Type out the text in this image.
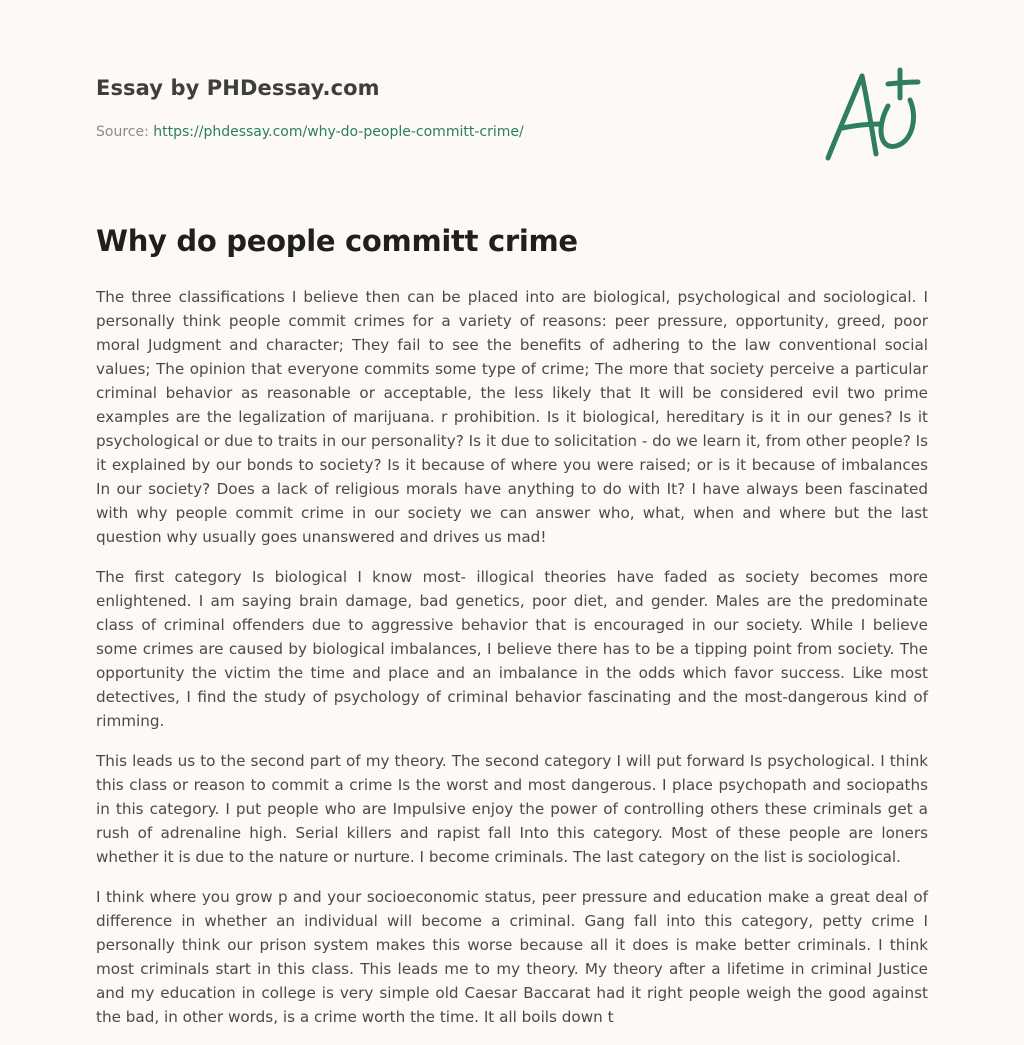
Essay by PHDessay.com

Source: https://phdessay.com/why-do-people-committ-crime/

Why do people committ crime

The three classifications I believe then can be placed into are biological, psychological and sociological. I personally think people commit crimes for a variety of reasons: peer pressure, opportunity, greed, poor moral Judgment and character; They fail to see the benefits of adhering to the law conventional social values; The opinion that everyone commits some type of crime; The more that society perceive a particular criminal behavior as reasonable or acceptable, the less likely that It will be considered evil two prime examples are the legalization of marijuana. r prohibition. Is it biological, hereditary is it in our genes? Is it psychological or due to traits in our personality? Is it due to solicitation - do we learn it, from other people? Is it explained by our bonds to society? Is it because of where you were raised; or is it because of imbalances In our society? Does a lack of religious morals have anything to do with It? I have always been fascinated with why people commit crime in our society we can answer who, what, when and where but the last question why usually goes unanswered and drives us mad!

The first category Is biological I know most- illogical theories have faded as society becomes more enlightened. I am saying brain damage, bad genetics, poor diet, and gender. Males are the predominate class of criminal offenders due to aggressive behavior that is encouraged in our society. While I believe some crimes are caused by biological imbalances, I believe there has to be a tipping point from society. The opportunity the victim the time and place and an imbalance in the odds which favor success. Like most detectives, I find the study of psychology of criminal behavior fascinating and the most-dangerous kind of rimming.

This leads us to the second part of my theory. The second category I will put forward Is psychological. I think this class or reason to commit a crime Is the worst and most dangerous. I place psychopath and sociopaths in this category. I put people who are Impulsive enjoy the power of controlling others these criminals get a rush of adrenaline high. Serial killers and rapist fall Into this category. Most of these people are loners whether it is due to the nature or nurture. I become criminals. The last category on the list is sociological.

I think where you grow p and your socioeconomic status, peer pressure and education make a great deal of difference in whether an individual will become a criminal. Gang fall into this category, petty crime I personally think our prison system makes this worse because all it does is make better criminals. I think most criminals start in this class. This leads me to my theory. My theory after a lifetime in criminal Justice and my education in college is very simple old Caesar Baccarat had it right people weigh the good against the bad, in other words, is a crime worth the time. It all boils down t
